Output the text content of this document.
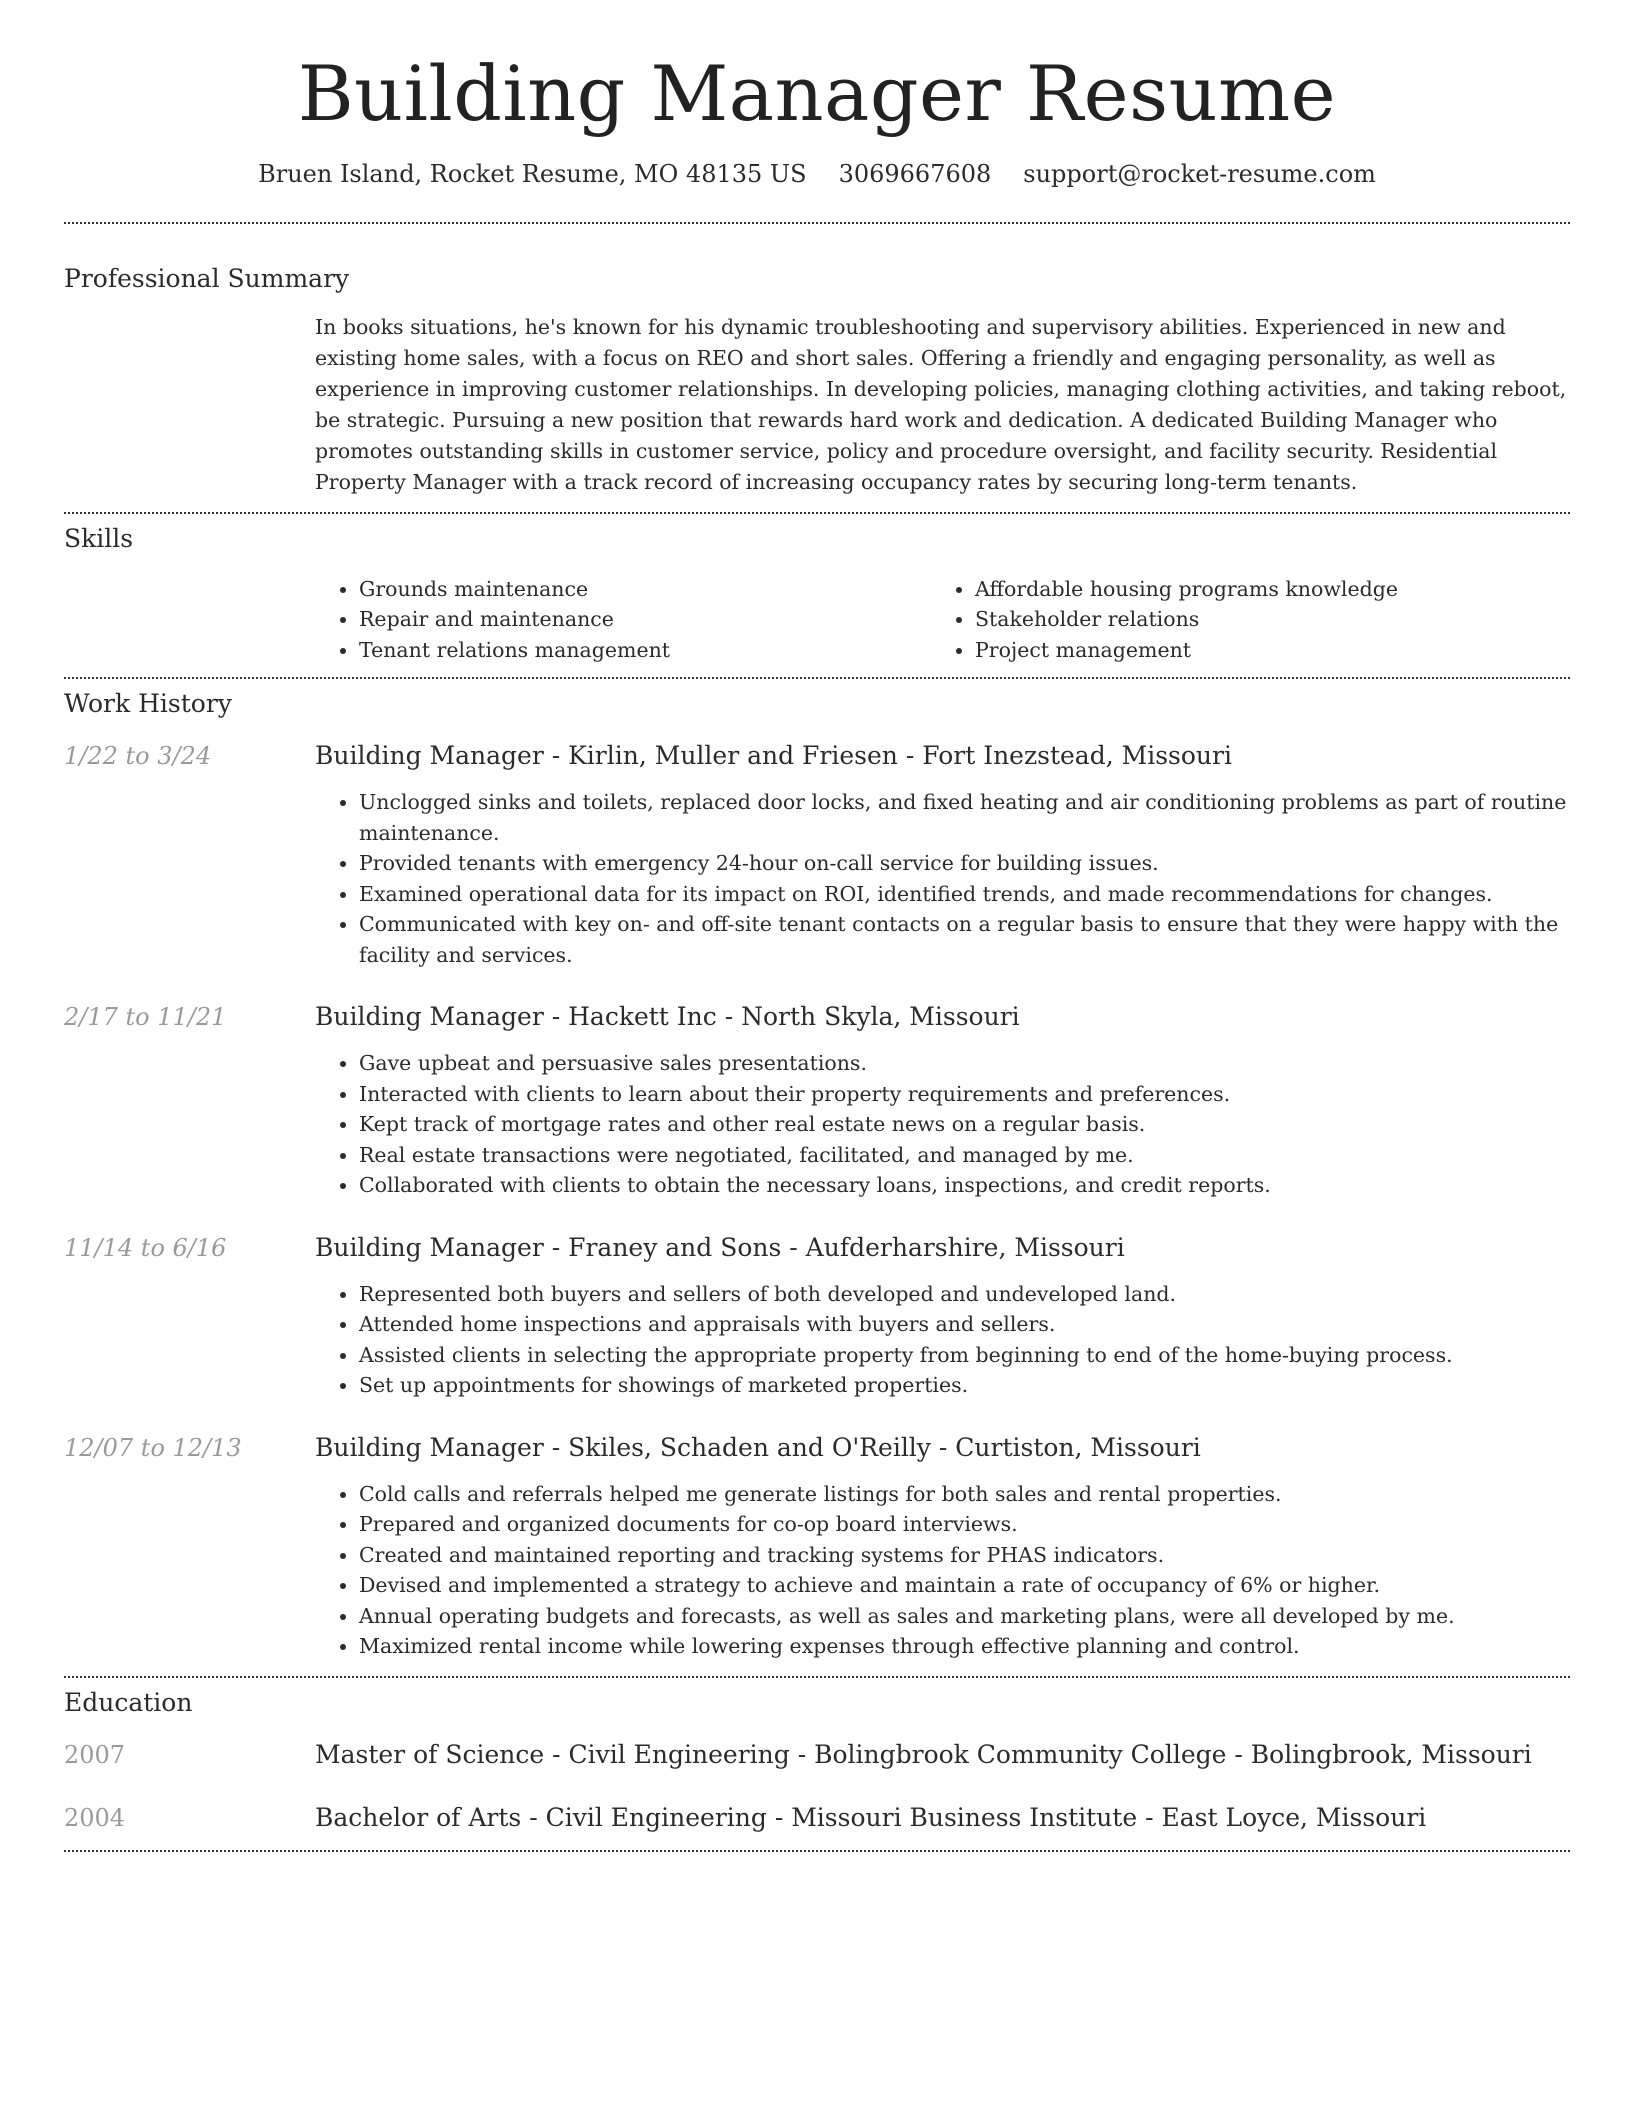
Building Manager Resume
Bruen Island, Rocket Resume, MO 48135 US 3069667608 support@rocket-resume.com
Professional Summary
In books situations, he's known for his dynamic troubleshooting and supervisory abilities. Experienced in new and existing home sales, with a focus on REO and short sales. Offering a friendly and engaging personality, as well as experience in improving customer relationships. In developing policies, managing clothing activities, and taking reboot, be strategic. Pursuing a new position that rewards hard work and dedication. A dedicated Building Manager who promotes outstanding skills in customer service, policy and procedure oversight, and facility security. Residential Property Manager with a track record of increasing occupancy rates by securing long-term tenants.
Skills
• Grounds maintenance
• Repair and maintenance
• Tenant relations management
• Affordable housing programs knowledge
• Stakeholder relations
• Project management
Work History
1/22 to 3/24	Building Manager - Kirlin, Muller and Friesen - Fort Inezstead, Missouri
• Unclogged sinks and toilets, replaced door locks, and fixed heating and air conditioning problems as part of routine maintenance.
• Provided tenants with emergency 24-hour on-call service for building issues.
• Examined operational data for its impact on ROI, identified trends, and made recommendations for changes.
• Communicated with key on- and off-site tenant contacts on a regular basis to ensure that they were happy with the facility and services.
2/17 to 11/21	Building Manager - Hackett Inc - North Skyla, Missouri
• Gave upbeat and persuasive sales presentations.
• Interacted with clients to learn about their property requirements and preferences.
• Kept track of mortgage rates and other real estate news on a regular basis.
• Real estate transactions were negotiated, facilitated, and managed by me.
• Collaborated with clients to obtain the necessary loans, inspections, and credit reports.
11/14 to 6/16	Building Manager - Franey and Sons - Aufderharshire, Missouri
• Represented both buyers and sellers of both developed and undeveloped land.
• Attended home inspections and appraisals with buyers and sellers.
• Assisted clients in selecting the appropriate property from beginning to end of the home-buying process.
• Set up appointments for showings of marketed properties.
12/07 to 12/13	Building Manager - Skiles, Schaden and O'Reilly - Curtiston, Missouri
• Cold calls and referrals helped me generate listings for both sales and rental properties.
• Prepared and organized documents for co-op board interviews.
• Created and maintained reporting and tracking systems for PHAS indicators.
• Devised and implemented a strategy to achieve and maintain a rate of occupancy of 6% or higher.
• Annual operating budgets and forecasts, as well as sales and marketing plans, were all developed by me.
• Maximized rental income while lowering expenses through effective planning and control.
Education
2007	Master of Science - Civil Engineering - Bolingbrook Community College - Bolingbrook, Missouri
2004	Bachelor of Arts - Civil Engineering - Missouri Business Institute - East Loyce, Missouri
